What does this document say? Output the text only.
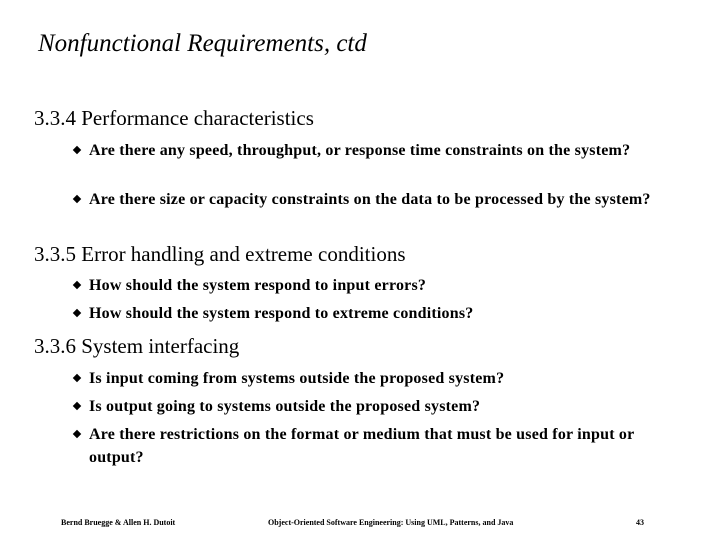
Nonfunctional Requirements, ctd
3.3.4 Performance characteristics
Are there any speed, throughput, or response time constraints on the system?
Are there size or capacity constraints on the data to be processed by the system?
3.3.5 Error handling and extreme conditions
How should the system respond to input errors?
How should the system respond to extreme conditions?
3.3.6 System interfacing
Is input coming from systems outside the proposed system?
Is output going to systems outside the proposed system?
Are there restrictions on the format or medium that must be used for input or output?
Bernd Bruegge & Allen H. Dutoit	Object-Oriented Software Engineering: Using UML, Patterns, and Java	43
